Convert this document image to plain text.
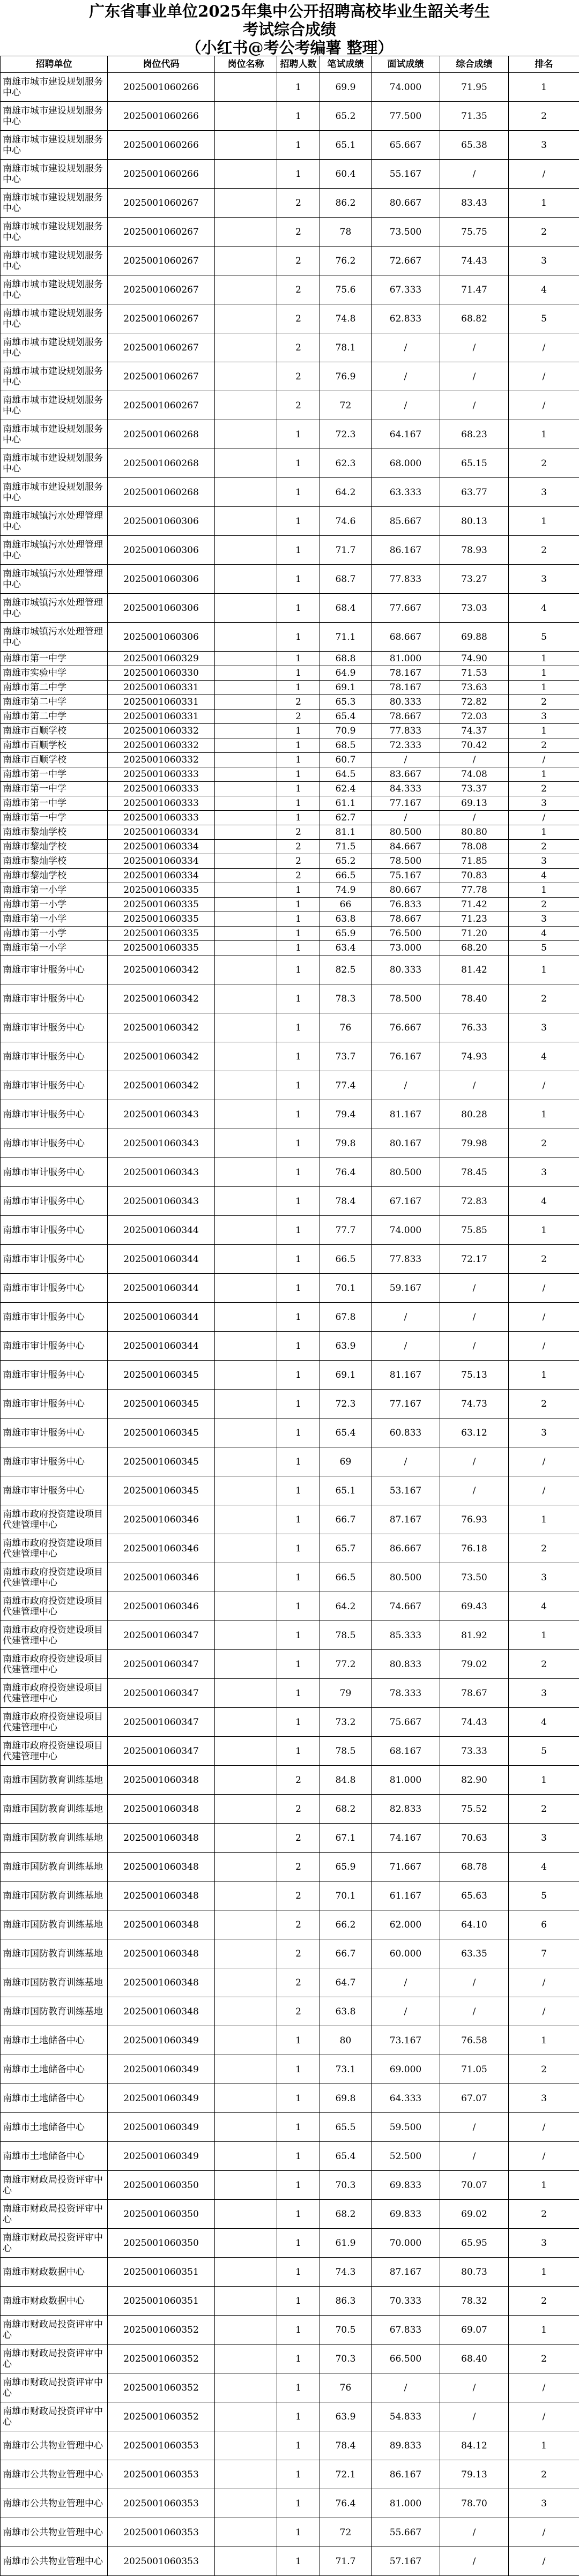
广东省事业单位2025年集中公开招聘高校毕业生韶关考生
考试综合成绩
（小红书@考公考编薯 整理）
招聘单位	岗位代码	岗位名称	招聘人数	笔试成绩	面试成绩	综合成绩	排名
南雄市城市建设规划服务中心	2025001060266		1	69.9	74.000	71.95	1
南雄市城市建设规划服务中心	2025001060266		1	65.2	77.500	71.35	2
南雄市城市建设规划服务中心	2025001060266		1	65.1	65.667	65.38	3
南雄市城市建设规划服务中心	2025001060266		1	60.4	55.167	/	/
南雄市城市建设规划服务中心	2025001060267		2	86.2	80.667	83.43	1
南雄市城市建设规划服务中心	2025001060267		2	78	73.500	75.75	2
南雄市城市建设规划服务中心	2025001060267		2	76.2	72.667	74.43	3
南雄市城市建设规划服务中心	2025001060267		2	75.6	67.333	71.47	4
南雄市城市建设规划服务中心	2025001060267		2	74.8	62.833	68.82	5
南雄市城市建设规划服务中心	2025001060267		2	78.1	/	/	/
南雄市城市建设规划服务中心	2025001060267		2	76.9	/	/	/
南雄市城市建设规划服务中心	2025001060267		2	72	/	/	/
南雄市城市建设规划服务中心	2025001060268		1	72.3	64.167	68.23	1
南雄市城市建设规划服务中心	2025001060268		1	62.3	68.000	65.15	2
南雄市城市建设规划服务中心	2025001060268		1	64.2	63.333	63.77	3
南雄市城镇污水处理管理中心	2025001060306		1	74.6	85.667	80.13	1
南雄市城镇污水处理管理中心	2025001060306		1	71.7	86.167	78.93	2
南雄市城镇污水处理管理中心	2025001060306		1	68.7	77.833	73.27	3
南雄市城镇污水处理管理中心	2025001060306		1	68.4	77.667	73.03	4
南雄市城镇污水处理管理中心	2025001060306		1	71.1	68.667	69.88	5
南雄市第一中学	2025001060329		1	68.8	81.000	74.90	1
南雄市实验中学	2025001060330		1	64.9	78.167	71.53	1
南雄市第二中学	2025001060331		1	69.1	78.167	73.63	1
南雄市第二中学	2025001060331		2	65.3	80.333	72.82	2
南雄市第二中学	2025001060331		2	65.4	78.667	72.03	3
南雄市百顺学校	2025001060332		1	70.9	77.833	74.37	1
南雄市百顺学校	2025001060332		1	68.5	72.333	70.42	2
南雄市百顺学校	2025001060332		1	60.7	/	/	/
南雄市第一中学	2025001060333		1	64.5	83.667	74.08	1
南雄市第一中学	2025001060333		1	62.4	84.333	73.37	2
南雄市第一中学	2025001060333		1	61.1	77.167	69.13	3
南雄市第一中学	2025001060333		1	62.7	/	/	/
南雄市黎灿学校	2025001060334		2	81.1	80.500	80.80	1
南雄市黎灿学校	2025001060334		2	71.5	84.667	78.08	2
南雄市黎灿学校	2025001060334		2	65.2	78.500	71.85	3
南雄市黎灿学校	2025001060334		2	66.5	75.167	70.83	4
南雄市第一小学	2025001060335		1	74.9	80.667	77.78	1
南雄市第一小学	2025001060335		1	66	76.833	71.42	2
南雄市第一小学	2025001060335		1	63.8	78.667	71.23	3
南雄市第一小学	2025001060335		1	65.9	76.500	71.20	4
南雄市第一小学	2025001060335		1	63.4	73.000	68.20	5
南雄市审计服务中心	2025001060342		1	82.5	80.333	81.42	1
南雄市审计服务中心	2025001060342		1	78.3	78.500	78.40	2
南雄市审计服务中心	2025001060342		1	76	76.667	76.33	3
南雄市审计服务中心	2025001060342		1	73.7	76.167	74.93	4
南雄市审计服务中心	2025001060342		1	77.4	/	/	/
南雄市审计服务中心	2025001060343		1	79.4	81.167	80.28	1
南雄市审计服务中心	2025001060343		1	79.8	80.167	79.98	2
南雄市审计服务中心	2025001060343		1	76.4	80.500	78.45	3
南雄市审计服务中心	2025001060343		1	78.4	67.167	72.83	4
南雄市审计服务中心	2025001060344		1	77.7	74.000	75.85	1
南雄市审计服务中心	2025001060344		1	66.5	77.833	72.17	2
南雄市审计服务中心	2025001060344		1	70.1	59.167	/	/
南雄市审计服务中心	2025001060344		1	67.8	/	/	/
南雄市审计服务中心	2025001060344		1	63.9	/	/	/
南雄市审计服务中心	2025001060345		1	69.1	81.167	75.13	1
南雄市审计服务中心	2025001060345		1	72.3	77.167	74.73	2
南雄市审计服务中心	2025001060345		1	65.4	60.833	63.12	3
南雄市审计服务中心	2025001060345		1	69	/	/	/
南雄市审计服务中心	2025001060345		1	65.1	53.167	/	/
南雄市政府投资建设项目代建管理中心	2025001060346		1	66.7	87.167	76.93	1
南雄市政府投资建设项目代建管理中心	2025001060346		1	65.7	86.667	76.18	2
南雄市政府投资建设项目代建管理中心	2025001060346		1	66.5	80.500	73.50	3
南雄市政府投资建设项目代建管理中心	2025001060346		1	64.2	74.667	69.43	4
南雄市政府投资建设项目代建管理中心	2025001060347		1	78.5	85.333	81.92	1
南雄市政府投资建设项目代建管理中心	2025001060347		1	77.2	80.833	79.02	2
南雄市政府投资建设项目代建管理中心	2025001060347		1	79	78.333	78.67	3
南雄市政府投资建设项目代建管理中心	2025001060347		1	73.2	75.667	74.43	4
南雄市政府投资建设项目代建管理中心	2025001060347		1	78.5	68.167	73.33	5
南雄市国防教育训练基地	2025001060348		2	84.8	81.000	82.90	1
南雄市国防教育训练基地	2025001060348		2	68.2	82.833	75.52	2
南雄市国防教育训练基地	2025001060348		2	67.1	74.167	70.63	3
南雄市国防教育训练基地	2025001060348		2	65.9	71.667	68.78	4
南雄市国防教育训练基地	2025001060348		2	70.1	61.167	65.63	5
南雄市国防教育训练基地	2025001060348		2	66.2	62.000	64.10	6
南雄市国防教育训练基地	2025001060348		2	66.7	60.000	63.35	7
南雄市国防教育训练基地	2025001060348		2	64.7	/	/	/
南雄市国防教育训练基地	2025001060348		2	63.8	/	/	/
南雄市土地储备中心	2025001060349		1	80	73.167	76.58	1
南雄市土地储备中心	2025001060349		1	73.1	69.000	71.05	2
南雄市土地储备中心	2025001060349		1	69.8	64.333	67.07	3
南雄市土地储备中心	2025001060349		1	65.5	59.500	/	/
南雄市土地储备中心	2025001060349		1	65.4	52.500	/	/
南雄市财政局投资评审中心	2025001060350		1	70.3	69.833	70.07	1
南雄市财政局投资评审中心	2025001060350		1	68.2	69.833	69.02	2
南雄市财政局投资评审中心	2025001060350		1	61.9	70.000	65.95	3
南雄市财政数据中心	2025001060351		1	74.3	87.167	80.73	1
南雄市财政数据中心	2025001060351		1	86.3	70.333	78.32	2
南雄市财政局投资评审中心	2025001060352		1	70.5	67.833	69.07	1
南雄市财政局投资评审中心	2025001060352		1	70.3	66.500	68.40	2
南雄市财政局投资评审中心	2025001060352		1	76	/	/	/
南雄市财政局投资评审中心	2025001060352		1	63.9	54.833	/	/
南雄市公共物业管理中心	2025001060353		1	78.4	89.833	84.12	1
南雄市公共物业管理中心	2025001060353		1	72.1	86.167	79.13	2
南雄市公共物业管理中心	2025001060353		1	76.4	81.000	78.70	3
南雄市公共物业管理中心	2025001060353		1	72	55.667	/	/
南雄市公共物业管理中心	2025001060353		1	71.7	57.167	/	/
